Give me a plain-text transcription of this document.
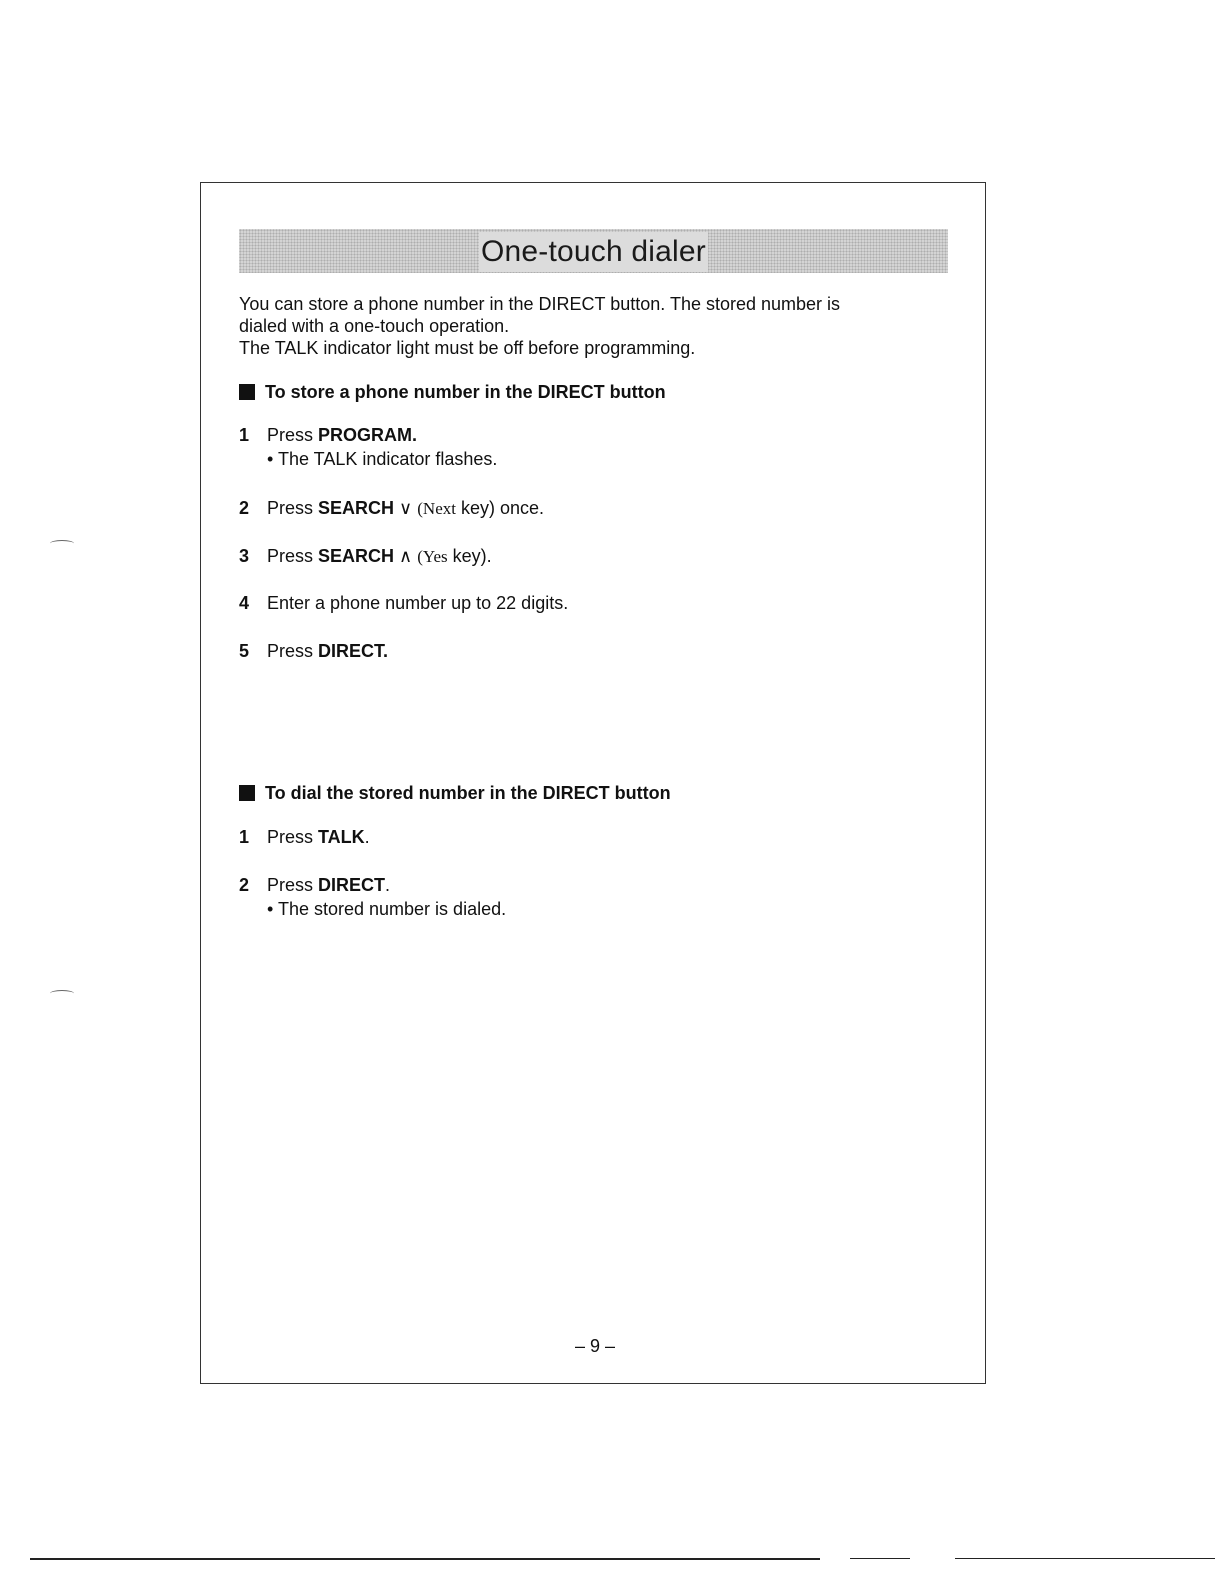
One-touch dialer
You can store a phone number in the DIRECT button. The stored number is
dialed with a one-touch operation.
The TALK indicator light must be off before programming.
To store a phone number in the DIRECT button
1 Press PROGRAM.
• The TALK indicator flashes.
2 Press SEARCH ∨ (Next key) once.
3 Press SEARCH ∧ (Yes key).
4 Enter a phone number up to 22 digits.
5 Press DIRECT.
To dial the stored number in the DIRECT button
1 Press TALK.
2 Press DIRECT.
• The stored number is dialed.
– 9 –
